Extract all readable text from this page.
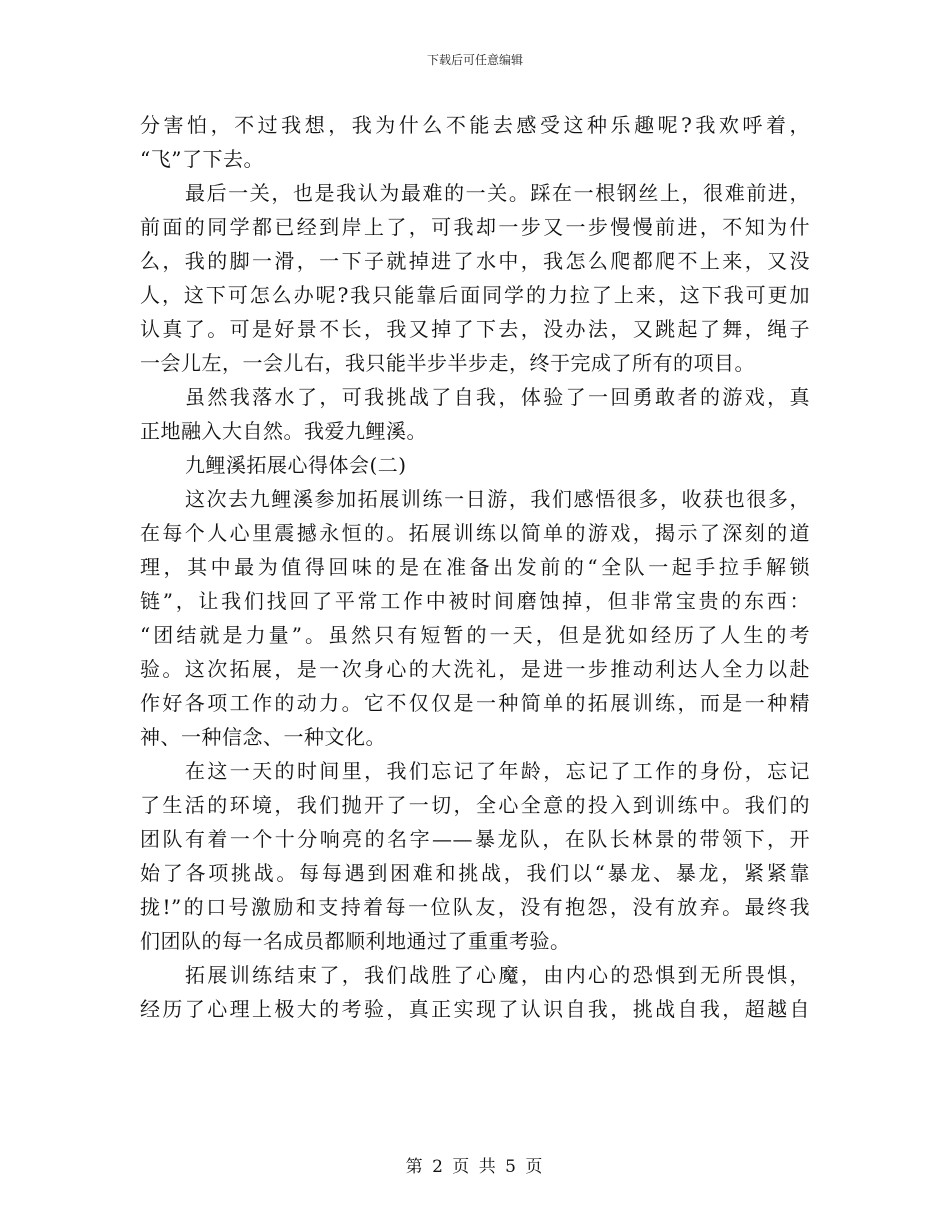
下载后可任意编辑
分害怕，不过我想，我为什么不能去感受这种乐趣呢?我欢呼着，
“飞”了下去。
最后一关，也是我认为最难的一关。踩在一根钢丝上，很难前进，
前面的同学都已经到岸上了，可我却一步又一步慢慢前进，不知为什
么，我的脚一滑，一下子就掉进了水中，我怎么爬都爬不上来，又没
人，这下可怎么办呢?我只能靠后面同学的力拉了上来，这下我可更加
认真了。可是好景不长，我又掉了下去，没办法，又跳起了舞，绳子
一会儿左，一会儿右，我只能半步半步走，终于完成了所有的项目。
虽然我落水了，可我挑战了自我，体验了一回勇敢者的游戏，真
正地融入大自然。我爱九鲤溪。
九鲤溪拓展心得体会(二)
这次去九鲤溪参加拓展训练一日游，我们感悟很多，收获也很多，
在每个人心里震撼永恒的。拓展训练以简单的游戏，揭示了深刻的道
理，其中最为值得回味的是在准备出发前的“全队一起手拉手解锁
链”，让我们找回了平常工作中被时间磨蚀掉，但非常宝贵的东西：
“团结就是力量”。虽然只有短暂的一天，但是犹如经历了人生的考
验。这次拓展，是一次身心的大洗礼，是进一步推动利达人全力以赴
作好各项工作的动力。它不仅仅是一种简单的拓展训练，而是一种精
神、一种信念、一种文化。
在这一天的时间里，我们忘记了年龄，忘记了工作的身份，忘记
了生活的环境，我们抛开了一切，全心全意的投入到训练中。我们的
团队有着一个十分响亮的名字——暴龙队，在队长林景的带领下，开
始了各项挑战。每每遇到困难和挑战，我们以“暴龙、暴龙，紧紧靠
拢!”的口号激励和支持着每一位队友，没有抱怨，没有放弃。最终我
们团队的每一名成员都顺利地通过了重重考验。
拓展训练结束了，我们战胜了心魔，由内心的恐惧到无所畏惧，
经历了心理上极大的考验，真正实现了认识自我，挑战自我，超越自
第 2 页 共 5 页
